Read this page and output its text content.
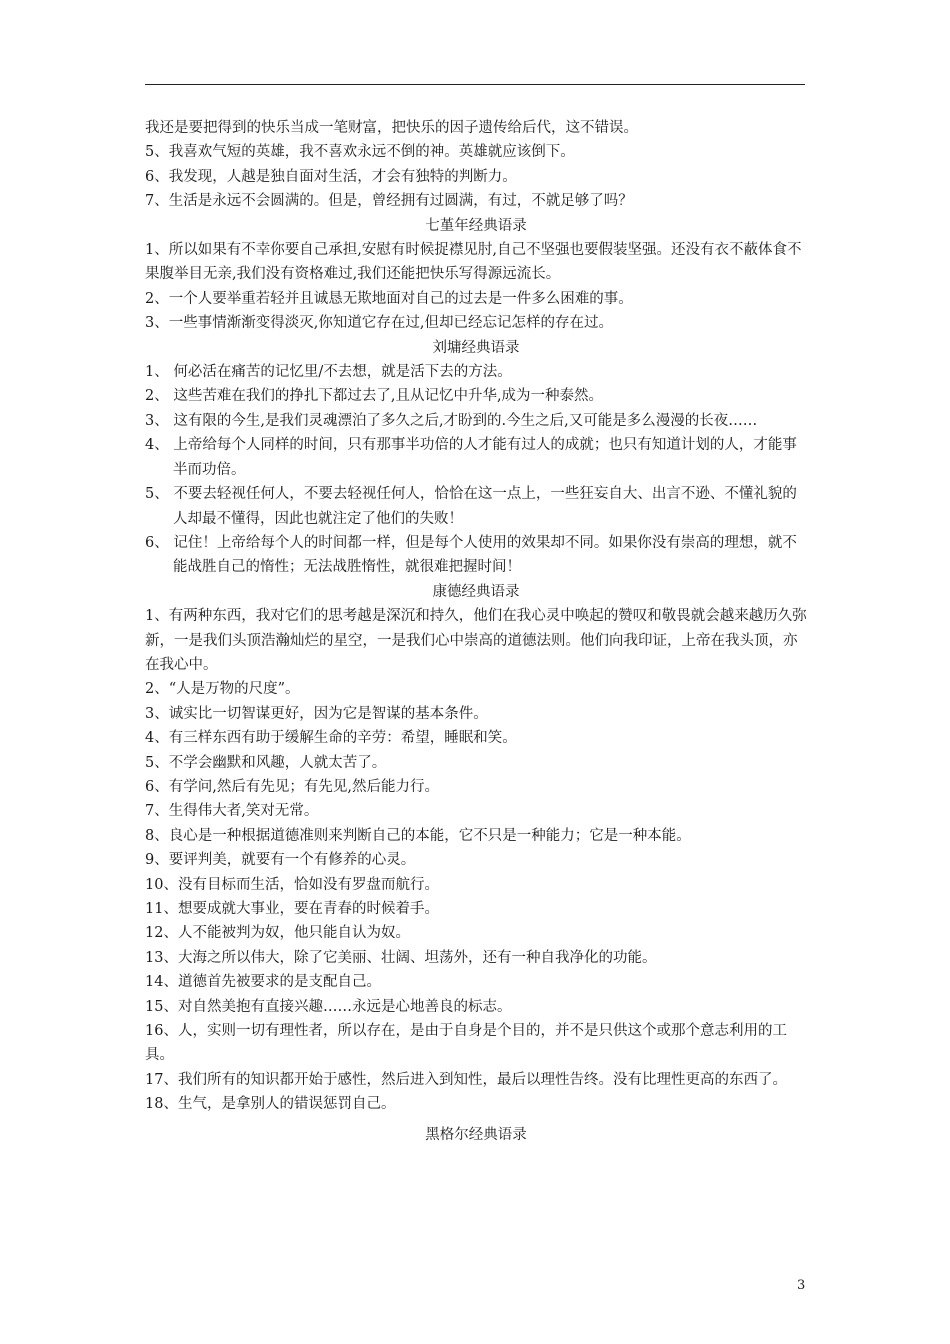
我还是要把得到的快乐当成一笔财富，把快乐的因子遗传给后代，这不错误。

5、我喜欢气短的英雄，我不喜欢永远不倒的神。英雄就应该倒下。

6、我发现，人越是独自面对生活，才会有独特的判断力。

7、生活是永远不会圆满的。但是，曾经拥有过圆满，有过，不就足够了吗？

七堇年经典语录

1、所以如果有不幸你要自己承担,安慰有时候捉襟见肘,自己不坚强也要假装坚强。还没有衣不蔽体食不果腹举目无亲,我们没有资格难过,我们还能把快乐写得源远流长。

2、一个人要举重若轻并且诚恳无欺地面对自己的过去是一件多么困难的事。

3、一些事情渐渐变得淡灭,你知道它存在过,但却已经忘记怎样的存在过。

刘墉经典语录

1、 何必活在痛苦的记忆里/不去想，就是活下去的方法。

2、 这些苦难在我们的挣扎下都过去了,且从记忆中升华,成为一种泰然。

3、 这有限的今生,是我们灵魂漂泊了多久之后,才盼到的.今生之后,又可能是多么漫漫的长夜……

4、 上帝给每个人同样的时间，只有那事半功倍的人才能有过人的成就；也只有知道计划的人，才能事半而功倍。

5、 不要去轻视任何人，不要去轻视任何人，恰恰在这一点上，一些狂妄自大、出言不逊、不懂礼貌的人却最不懂得，因此也就注定了他们的失败！

6、 记住！上帝给每个人的时间都一样，但是每个人使用的效果却不同。如果你没有崇高的理想，就不能战胜自己的惰性；无法战胜惰性，就很难把握时间！

康德经典语录

1、有两种东西，我对它们的思考越是深沉和持久，他们在我心灵中唤起的赞叹和敬畏就会越来越历久弥新，一是我们头顶浩瀚灿烂的星空，一是我们心中崇高的道德法则。他们向我印证，上帝在我头顶，亦在我心中。

2、“人是万物的尺度”。

3、诚实比一切智谋更好，因为它是智谋的基本条件。

4、有三样东西有助于缓解生命的辛劳：希望，睡眠和笑。

5、不学会幽默和风趣，人就太苦了。

6、有学问,然后有先见；有先见,然后能力行。

7、生得伟大者,笑对无常。

8、良心是一种根据道德准则来判断自己的本能，它不只是一种能力；它是一种本能。

9、要评判美，就要有一个有修养的心灵。

10、没有目标而生活，恰如没有罗盘而航行。

11、想要成就大事业，要在青春的时候着手。

12、人不能被判为奴，他只能自认为奴。

13、大海之所以伟大，除了它美丽、壮阔、坦荡外，还有一种自我净化的功能。

14、道德首先被要求的是支配自己。

15、对自然美抱有直接兴趣……永远是心地善良的标志。

16、人，实则一切有理性者，所以存在，是由于自身是个目的，并不是只供这个或那个意志利用的工具。

17、我们所有的知识都开始于感性，然后进入到知性，最后以理性告终。没有比理性更高的东西了。

18、生气，是拿别人的错误惩罚自己。

黑格尔经典语录

3
